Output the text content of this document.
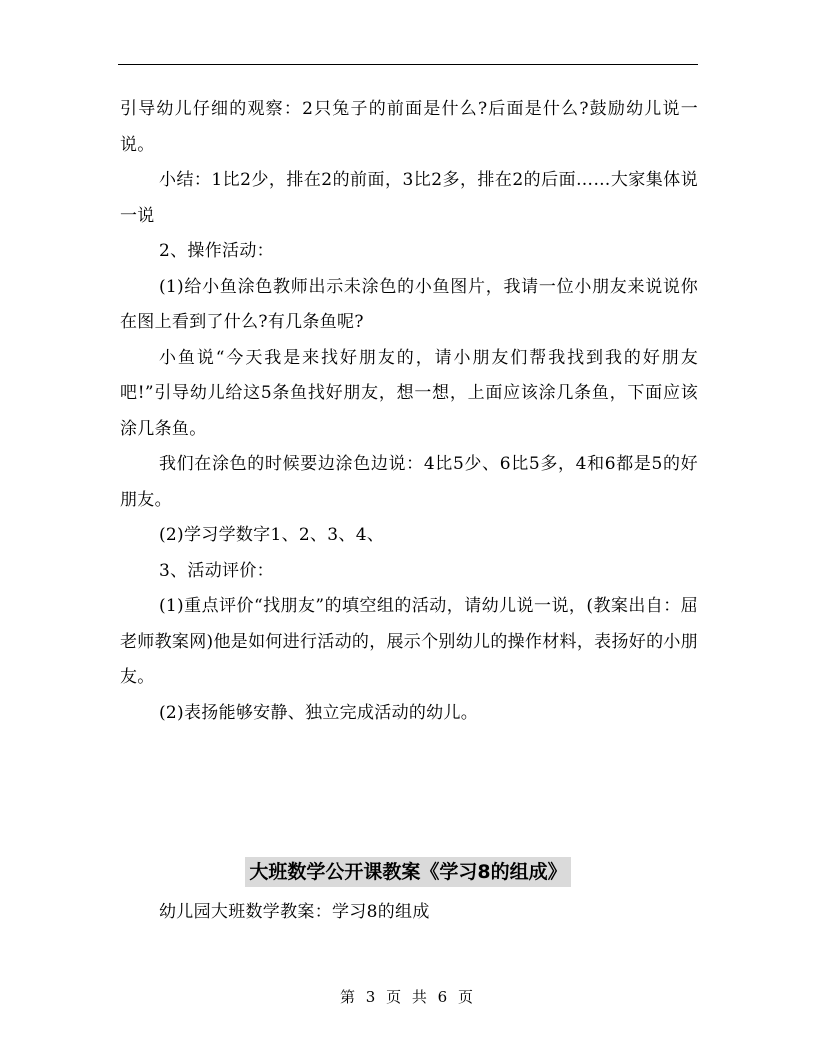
引导幼儿仔细的观察：2只兔子的前面是什么?后面是什么?鼓励幼儿说一说。

小结：1比2少，排在2的前面，3比2多，排在2的后面……大家集体说一说

2、操作活动：

(1)给小鱼涂色教师出示未涂色的小鱼图片，我请一位小朋友来说说你在图上看到了什么?有几条鱼呢?

小鱼说“今天我是来找好朋友的，请小朋友们帮我找到我的好朋友吧!”引导幼儿给这5条鱼找好朋友，想一想，上面应该涂几条鱼，下面应该涂几条鱼。

我们在涂色的时候要边涂色边说：4比5少、6比5多，4和6都是5的好朋友。

(2)学习学数字1、2、3、4、

3、活动评价：

(1)重点评价“找朋友”的填空组的活动，请幼儿说一说，(教案出自：屈老师教案网)他是如何进行活动的，展示个别幼儿的操作材料，表扬好的小朋友。

(2)表扬能够安静、独立完成活动的幼儿。

大班数学公开课教案《学习8的组成》

幼儿园大班数学教案：学习8的组成

第 3 页 共 6 页
